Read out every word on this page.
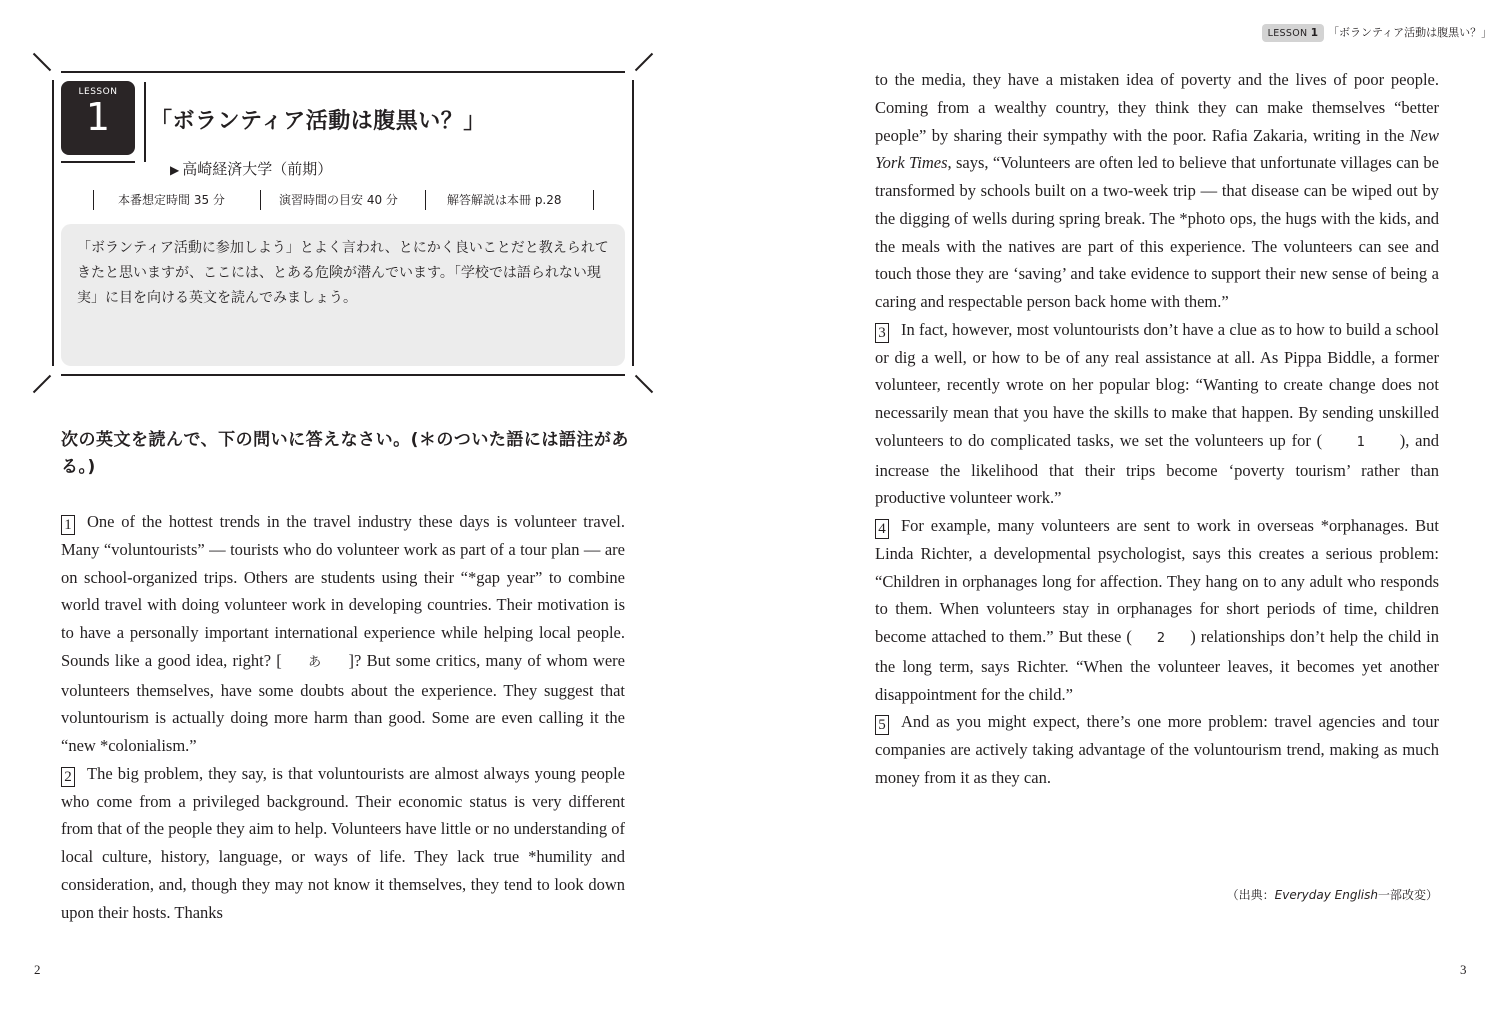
LESSON
1	「ボランティア活動は腹黒い？」
▶ 高崎経済大学（前期）
本番想定時間 35 分	演習時間の目安 40 分	解答解説は本冊 p.28
「ボランティア活動に参加しよう」とよく言われ、とにかく良いことだと教えられてきたと思いますが、ここには、とある危険が潜んでいます。「学校では語られない現実」に目を向ける英文を読んでみましょう。
次の英文を読んで、下の問いに答えなさい。(＊のついた語には語注がある。)

1 One of the hottest trends in the travel industry these days is volunteer travel. Many “voluntourists” — tourists who do volunteer work as part of a tour plan — are on school-organized trips. Others are students using their “*gap year” to combine world travel with doing volunteer work in developing countries. Their motivation is to have a personally important international experience while helping local people. Sounds like a good idea, right? [ あ ]? But some critics, many of whom were volunteers themselves, have some doubts about the experience. They suggest that voluntourism is actually doing more harm than good. Some are even calling it the “new *colonialism.”

2 The big problem, they say, is that voluntourists are almost always young people who come from a privileged background. Their economic status is very different from that of the people they aim to help. Volunteers have little or no understanding of local culture, history, language, or ways of life. They lack true *humility and consideration, and, though they may not know it themselves, they tend to look down upon their hosts. Thanks

2
LESSON 1 「ボランティア活動は腹黒い？」

to the media, they have a mistaken idea of poverty and the lives of poor people. Coming from a wealthy country, they think they can make themselves “better people” by sharing their sympathy with the poor. Rafia Zakaria, writing in the New York Times, says, “Volunteers are often led to believe that unfortunate villages can be transformed by schools built on a two-week trip — that disease can be wiped out by the digging of wells during spring break. The *photo ops, the hugs with the kids, and the meals with the natives are part of this experience. The volunteers can see and touch those they are ‘saving’ and take evidence to support their new sense of being a caring and respectable person back home with them.”

3 In fact, however, most voluntourists don’t have a clue as to how to build a school or dig a well, or how to be of any real assistance at all. As Pippa Biddle, a former volunteer, recently wrote on her popular blog: “Wanting to create change does not necessarily mean that you have the skills to make that happen. By sending unskilled volunteers to do complicated tasks, we set the volunteers up for (	1 ), and increase the likelihood that their trips become ‘poverty tourism’ rather than productive volunteer work.”

4 For example, many volunteers are sent to work in overseas *orphanages. But Linda Richter, a developmental psychologist, says this creates a serious problem: “Children in orphanages long for affection. They hang on to any adult who responds to them. When volunteers stay in orphanages for short periods of time, children become attached to them.” But these ( 2 ) relationships don’t help the child in the long term, says Richter. “When the volunteer leaves, it becomes yet another disappointment for the child.”

5 And as you might expect, there’s one more problem: travel agencies and tour companies are actively taking advantage of the voluntourism trend, making as much money from it as they can.

（出典：Everyday English一部改変）
3
